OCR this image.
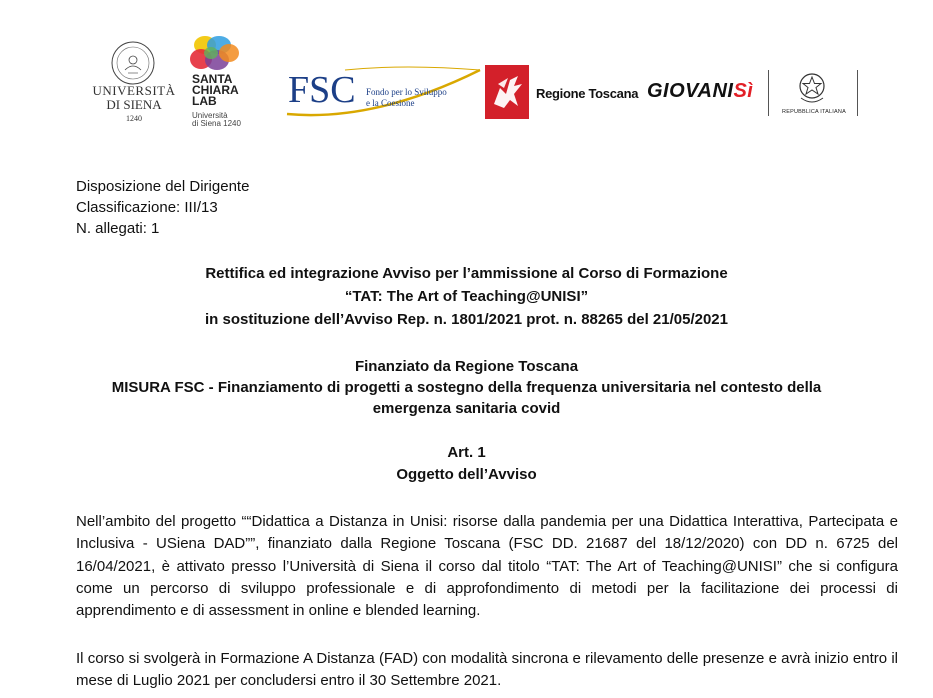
UNIVERSITÀ
DI SIENA
1240
SANTA
CHIARA
LAB
Università
di Siena 1240
FSC Fondo per lo Sviluppo
e la Coesione
Regione Toscana GIOVANISì
REPUBBLICA ITALIANA
Disposizione del Dirigente
Classificazione: III/13
N. allegati: 1
Rettifica ed integrazione Avviso per l’ammissione al Corso di Formazione
“TAT: The Art of Teaching@UNISI”
in sostituzione dell’Avviso Rep. n. 1801/2021 prot. n. 88265 del 21/05/2021
Finanziato da Regione Toscana
MISURA FSC - Finanziamento di progetti a sostegno della frequenza universitaria nel contesto della
emergenza sanitaria covid
Art. 1
Oggetto dell’Avviso
Nell’ambito del progetto ““Didattica a Distanza in Unisi: risorse dalla pandemia per una Didattica Interattiva, Partecipata e Inclusiva - USiena DAD””, finanziato dalla Regione Toscana (FSC DD. 21687 del 18/12/2020) con DD n. 6725 del 16/04/2021, è attivato presso l’Università di Siena il corso dal titolo “TAT: The Art of Teaching@UNISI” che si configura come un percorso di sviluppo professionale e di approfondimento di metodi per la facilitazione dei processi di apprendimento e di assessment in online e blended learning.
Il corso si svolgerà in Formazione A Distanza (FAD) con modalità sincrona e rilevamento delle presenze e avrà inizio entro il mese di Luglio 2021 per concludersi entro il 30 Settembre 2021.
